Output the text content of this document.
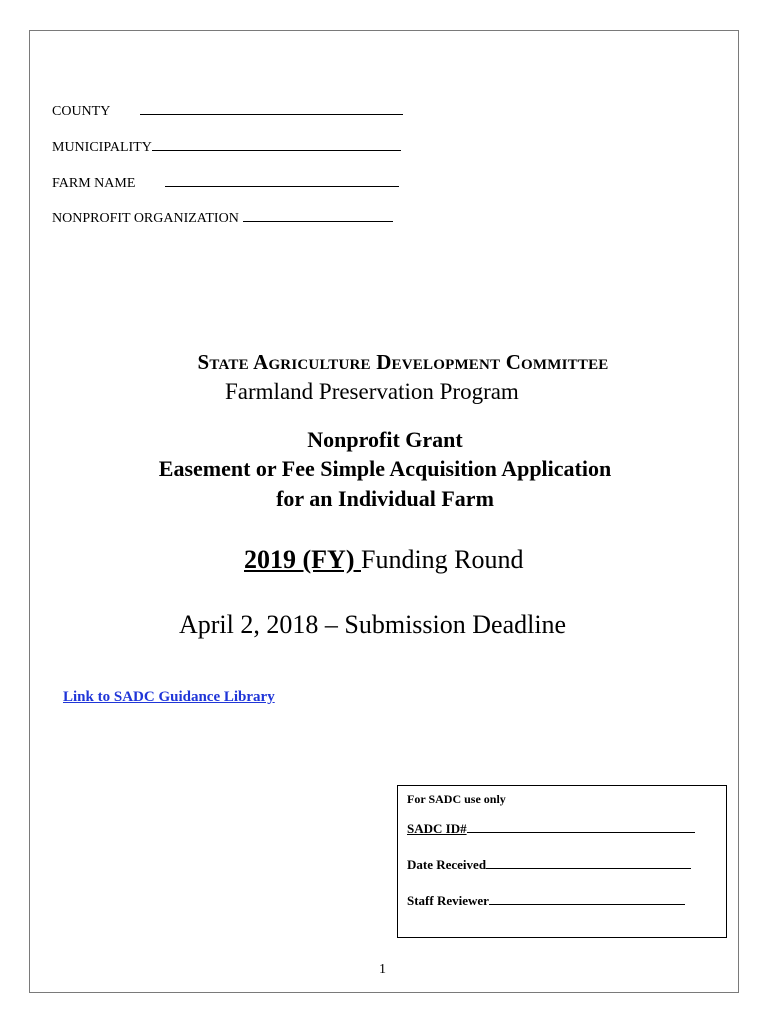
COUNTY
MUNICIPALITY
FARM NAME
NONPROFIT ORGANIZATION
State Agriculture Development Committee
Farmland Preservation Program
Nonprofit Grant
Easement or Fee Simple Acquisition Application
for an Individual Farm
2019 (FY) Funding Round
April 2, 2018 – Submission Deadline
Link to SADC Guidance Library
For SADC use only
SADC ID#
Date Received
Staff Reviewer
1
